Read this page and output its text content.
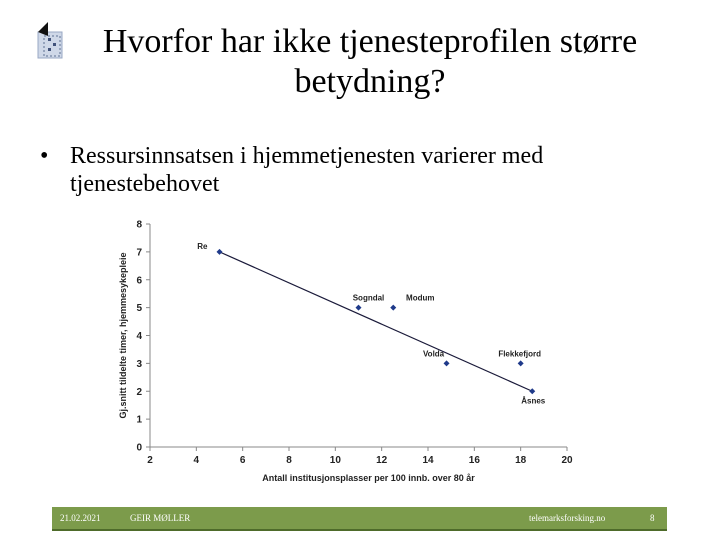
Hvorfor har ikke tjenesteprofilen større betydning?
• Ressursinnsatsen i hjemmetjenesten varierer med tjenestebehovet
0
1
2
3
4
5
6
7
8
2	4	6	8	10	12	14	16	18	20
Antall institusjonsplasser per 100 innb. over 80 år
Gj.snitt tildelte timer, hjemmesykepleie
Re
Sogndal	Modum
Volda	Flekkefjord
Åsnes
21.02.2021	GEIR MØLLER	telemarksforsking.no	8
